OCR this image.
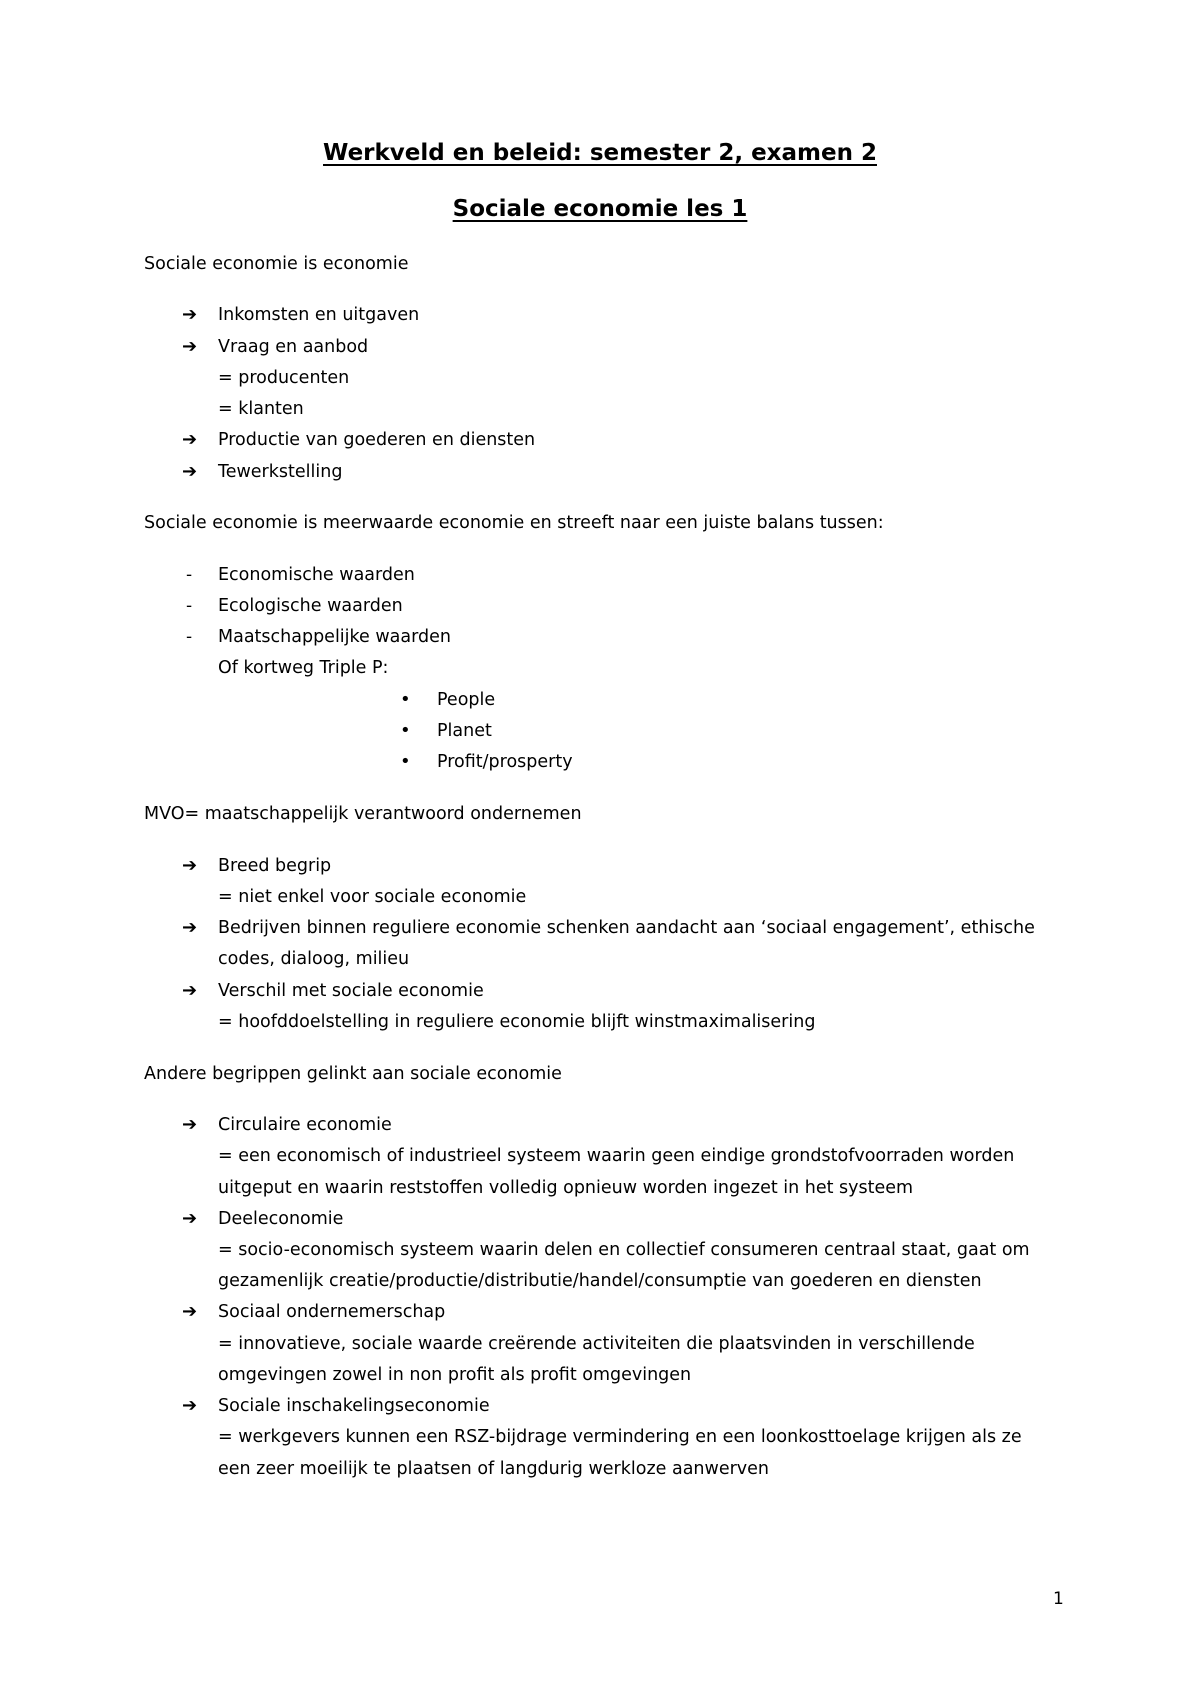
Werkveld en beleid: semester 2, examen 2
Sociale economie les 1

Sociale economie is economie

➔ Inkomsten en uitgaven

➔ Vraag en aanbod

= producenten

= klanten

➔ Productie van goederen en diensten

➔ Tewerkstelling

Sociale economie is meerwaarde economie en streeft naar een juiste balans tussen:

- Economische waarden

- Ecologische waarden

- Maatschappelijke waarden

Of kortweg Triple P:

• People

• Planet

• Profit/prosperty

MVO= maatschappelijk verantwoord ondernemen

➔ Breed begrip

= niet enkel voor sociale economie

➔ Bedrijven binnen reguliere economie schenken aandacht aan ‘sociaal engagement’, ethische

codes, dialoog, milieu

➔ Verschil met sociale economie

= hoofddoelstelling in reguliere economie blijft winstmaximalisering

Andere begrippen gelinkt aan sociale economie

➔ Circulaire economie

= een economisch of industrieel systeem waarin geen eindige grondstofvoorraden worden

uitgeput en waarin reststoffen volledig opnieuw worden ingezet in het systeem

➔ Deeleconomie

= socio-economisch systeem waarin delen en collectief consumeren centraal staat, gaat om

gezamenlijk creatie/productie/distributie/handel/consumptie van goederen en diensten

➔ Sociaal ondernemerschap

= innovatieve, sociale waarde creërende activiteiten die plaatsvinden in verschillende

omgevingen zowel in non profit als profit omgevingen

➔ Sociale inschakelingseconomie

= werkgevers kunnen een RSZ-bijdrage vermindering en een loonkosttoelage krijgen als ze

een zeer moeilijk te plaatsen of langdurig werkloze aanwerven

1
